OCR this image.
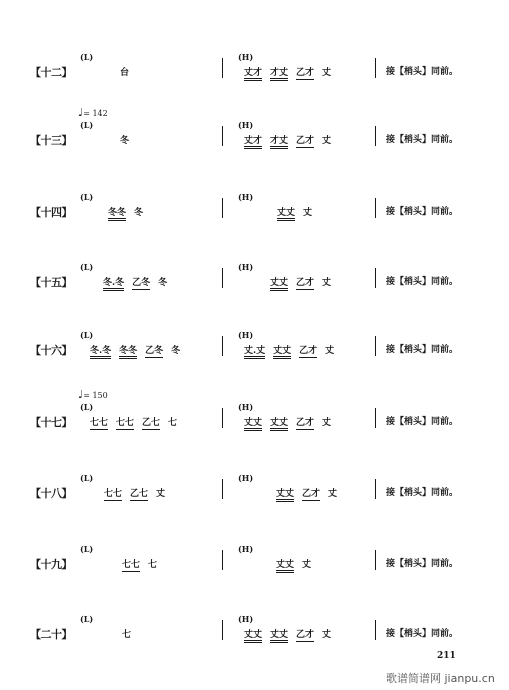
【十二】
(L)
台
(H)
丈才 才丈 乙才 丈	接【梢头】同前。
【十三】
(L)
♩= 142
冬
(H)
丈才 才丈 乙才 丈	接【梢头】同前。
【十四】
(L)
冬冬 冬
(H)
丈丈 丈	接【梢头】同前。
【十五】
(L)
冬.冬 乙冬 冬
(H)
丈丈 乙才 丈	接【梢头】同前。
【十六】
(L)
冬.冬 冬冬 乙冬 冬
(H)
丈.丈 丈丈 乙才 丈	接【梢头】同前。
【十七】
(L)
♩= 150
七七 七七 乙七 七
(H)
丈丈 丈丈 乙才 丈	接【梢头】同前。
【十八】
(L)
七七 乙七 丈
(H)
丈丈 乙才 丈	接【梢头】同前。
【十九】
(L)
七七 七
(H)
丈丈 丈	接【梢头】同前。
【二十】
(L)
七
(H)
丈丈 丈丈 乙才 丈	接【梢头】同前。
211
歌谱简谱网 jianpu.cn
